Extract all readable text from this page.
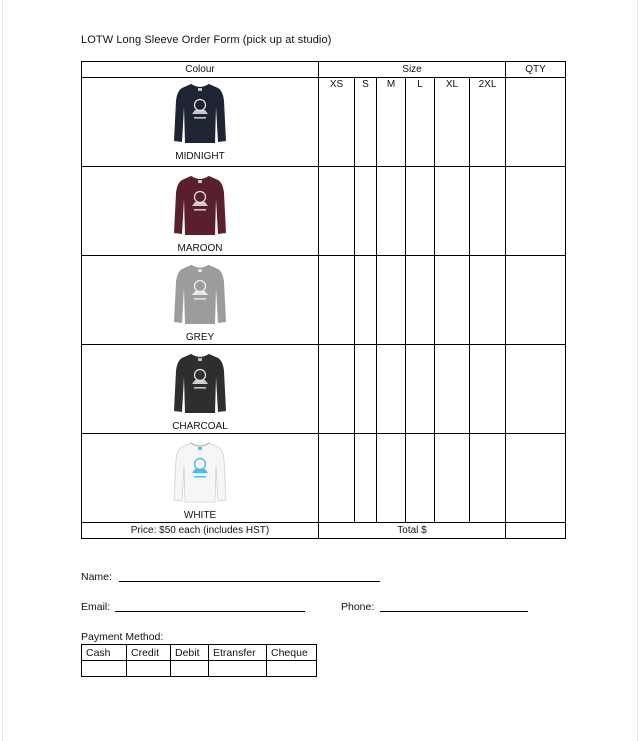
LOTW Long Sleeve Order Form (pick up at studio)
Colour	Size						QTY

MIDNIGHT	XS	S	M	L	XL	2XL	

MAROON							

GREY							

CHARCOAL							

WHITE							

Price: $50 each (includes HST)	Total $						
Name:
Email:	Phone:
Payment Method:
Cash	Credit	Debit	Etransfer	Cheque
